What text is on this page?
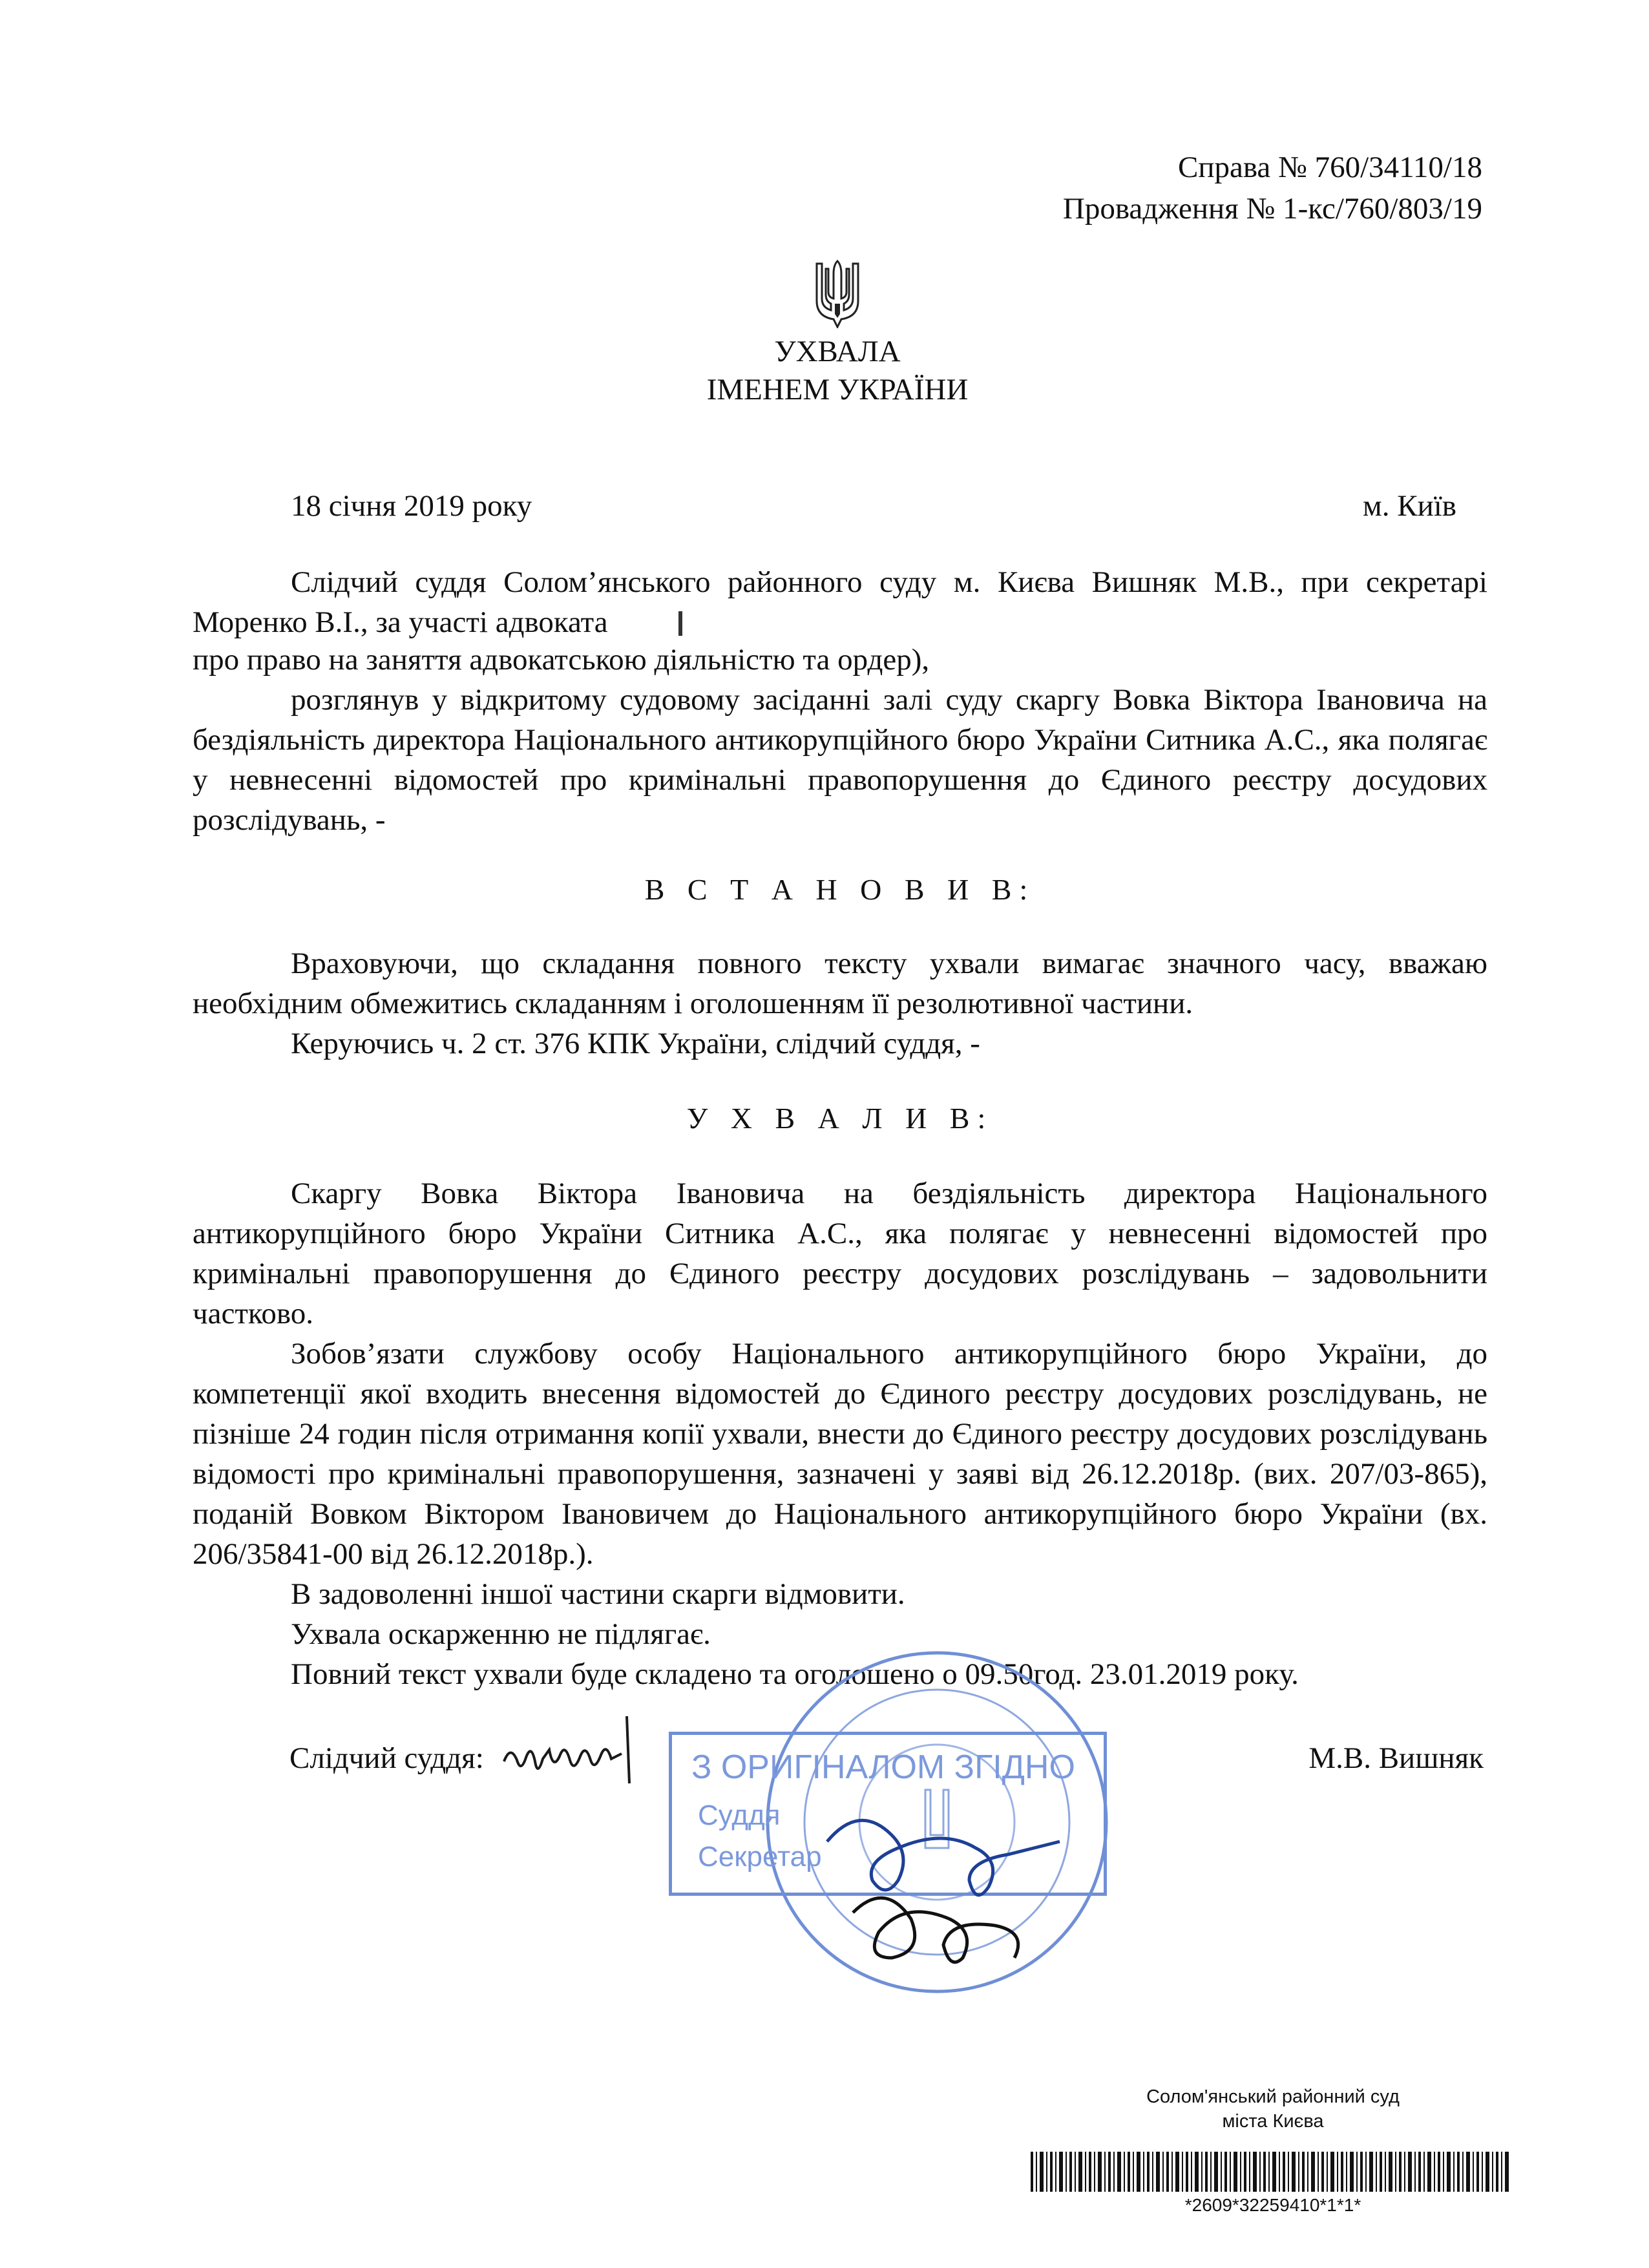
Справа № 760/34110/18
Провадження № 1-кс/760/803/19
УХВАЛА
ІМЕНЕМ УКРАЇНИ
18 січня 2019 року	м. Київ
Слідчий суддя Солом’янського районного суду м. Києва Вишняк М.В., при секретарі Моренко В.І., за участі адвоката
про право на заняття адвокатською діяльністю та ордер),
розглянув у відкритому судовому засіданні залі суду скаргу Вовка Віктора Івановича на бездіяльність директора Національного антикорупційного бюро України Ситника А.С., яка полягає у невнесенні відомостей про кримінальні правопорушення до Єдиного реєстру досудових розслідувань, -
В С Т А Н О В И В:
Враховуючи, що складання повного тексту ухвали вимагає значного часу, вважаю необхідним обмежитись складанням і оголошенням її резолютивної частини.
Керуючись ч. 2 ст. 376 КПК України, слідчий суддя, -
У Х В А Л И В:
Скаргу Вовка Віктора Івановича на бездіяльність директора Національного антикорупційного бюро України Ситника А.С., яка полягає у невнесенні відомостей про кримінальні правопорушення до Єдиного реєстру досудових розслідувань – задовольнити частково.
Зобов’язати службову особу Національного антикорупційного бюро України, до компетенції якої входить внесення відомостей до Єдиного реєстру досудових розслідувань, не пізніше 24 годин після отримання копії ухвали, внести до Єдиного реєстру досудових розслідувань відомості про кримінальні правопорушення, зазначені у заяві від 26.12.2018р. (вих. 207/03-865), поданій Вовком Віктором Івановичем до Національного антикорупційного бюро України (вх. 206/35841-00 від 26.12.2018р.).
В задоволенні іншої частини скарги відмовити.
Ухвала оскарженню не підлягає.
Повний текст ухвали буде складено та оголошено о 09.50год. 23.01.2019 року.
З ОРИГІНАЛОМ ЗГІДНО
Суддя
Секретар
Слідчий суддя:	М.В. Вишняк
Солом'янський районний суд
міста Києва
*2609*32259410*1*1*
